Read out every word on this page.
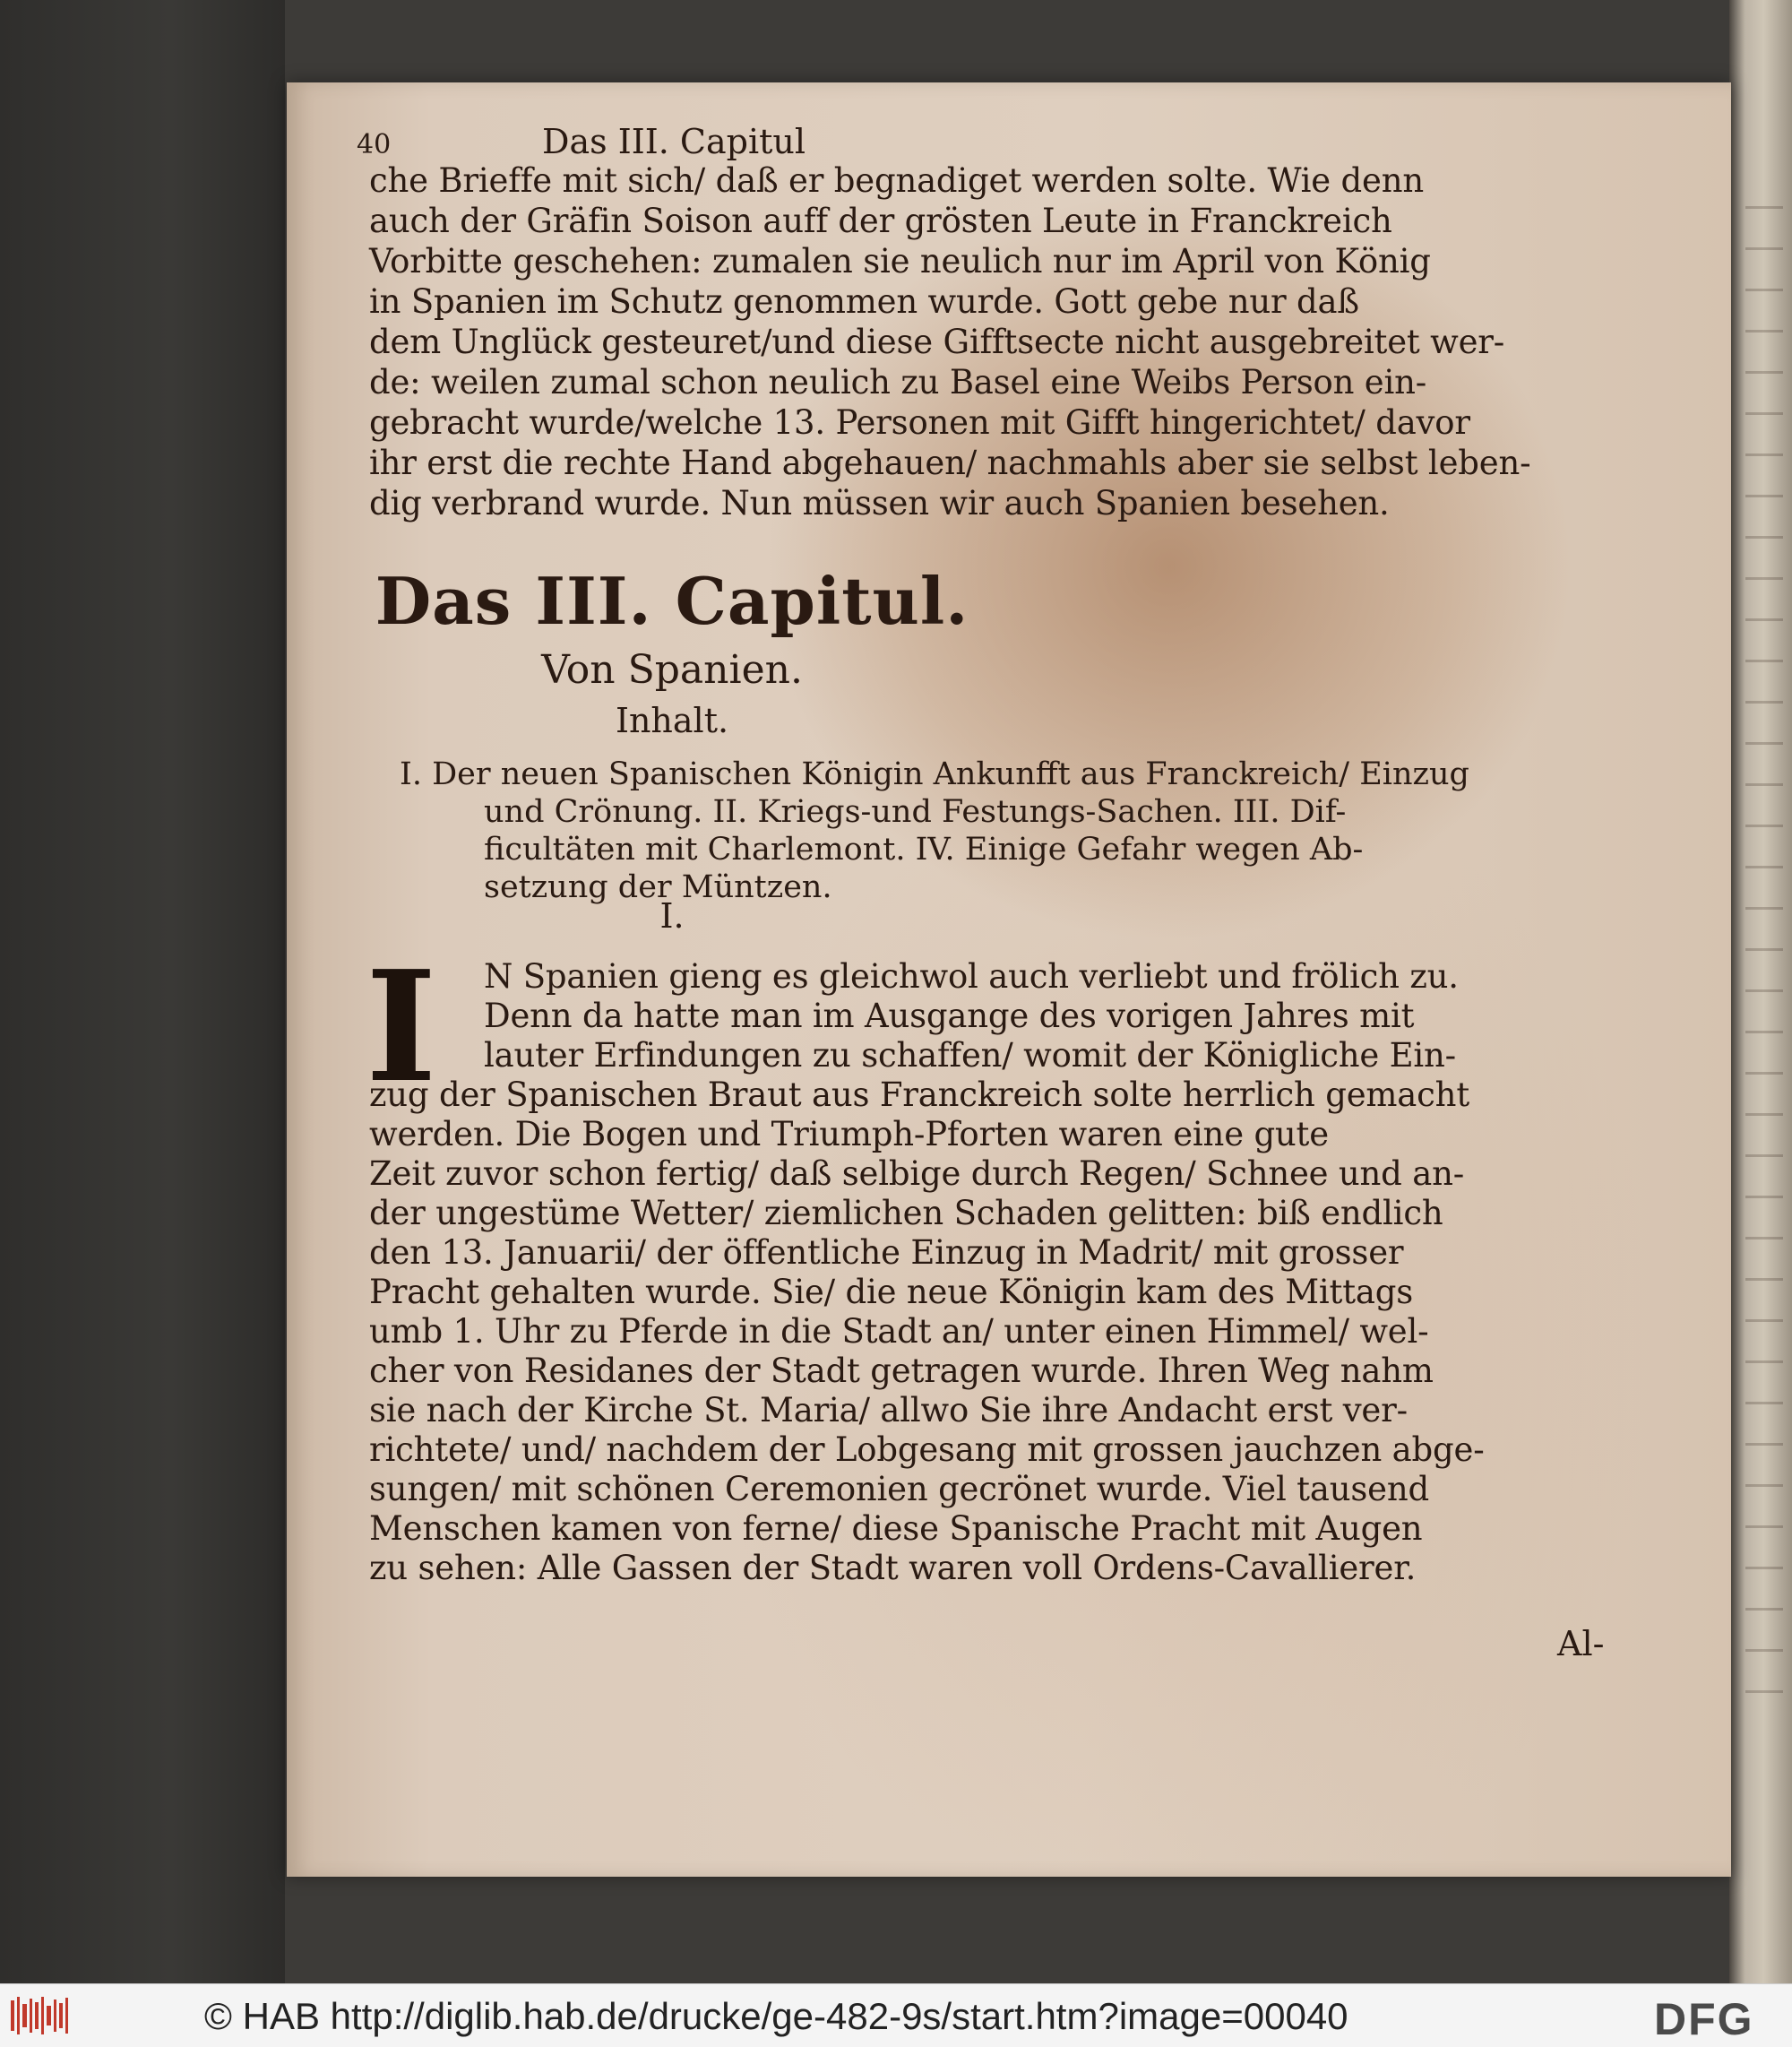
40	Das III. Capitul
che Brieffe mit sich/ daß er begnadiget werden solte. Wie denn
auch der Gräfin Soison auff der grösten Leute in Franckreich
Vorbitte geschehen: zumalen sie neulich nur im April von König
in Spanien im Schutz genommen wurde. Gott gebe nur daß
dem Unglück gesteuret/und diese Gifftsecte nicht ausgebreitet wer-
de: weilen zumal schon neulich zu Basel eine Weibs Person ein-
gebracht wurde/welche 13. Personen mit Gifft hingerichtet/ davor
ihr erst die rechte Hand abgehauen/ nachmahls aber sie selbst leben-
dig verbrand wurde. Nun müssen wir auch Spanien besehen.
Das III. Capitul.
Von Spanien.
Inhalt.
I. Der neuen Spanischen Königin Ankunfft aus Franckreich/ Einzug
und Crönung. II. Kriegs-und Festungs-Sachen. III. Dif-
ficultäten mit Charlemont. IV. Einige Gefahr wegen Ab-
setzung der Müntzen.
I.
I	N Spanien gieng es gleichwol auch verliebt und frölich zu.
Denn da hatte man im Ausgange des vorigen Jahres mit
lauter Erfindungen zu schaffen/ womit der Königliche Ein-
zug der Spanischen Braut aus Franckreich solte herrlich gemacht
werden. Die Bogen und Triumph-Pforten waren eine gute
Zeit zuvor schon fertig/ daß selbige durch Regen/ Schnee und an-
der ungestüme Wetter/ ziemlichen Schaden gelitten: biß endlich
den 13. Januarii/ der öffentliche Einzug in Madrit/ mit grosser
Pracht gehalten wurde. Sie/ die neue Königin kam des Mittags
umb 1. Uhr zu Pferde in die Stadt an/ unter einen Himmel/ wel-
cher von Residanes der Stadt getragen wurde. Ihren Weg nahm
sie nach der Kirche St. Maria/ allwo Sie ihre Andacht erst ver-
richtete/ und/ nachdem der Lobgesang mit grossen jauchzen abge-
sungen/ mit schönen Ceremonien gecrönet wurde. Viel tausend
Menschen kamen von ferne/ diese Spanische Pracht mit Augen
zu sehen: Alle Gassen der Stadt waren voll Ordens-Cavallierer.
Al-
© HAB http://diglib.hab.de/drucke/ge-482-9s/start.htm?image=00040	DFG
